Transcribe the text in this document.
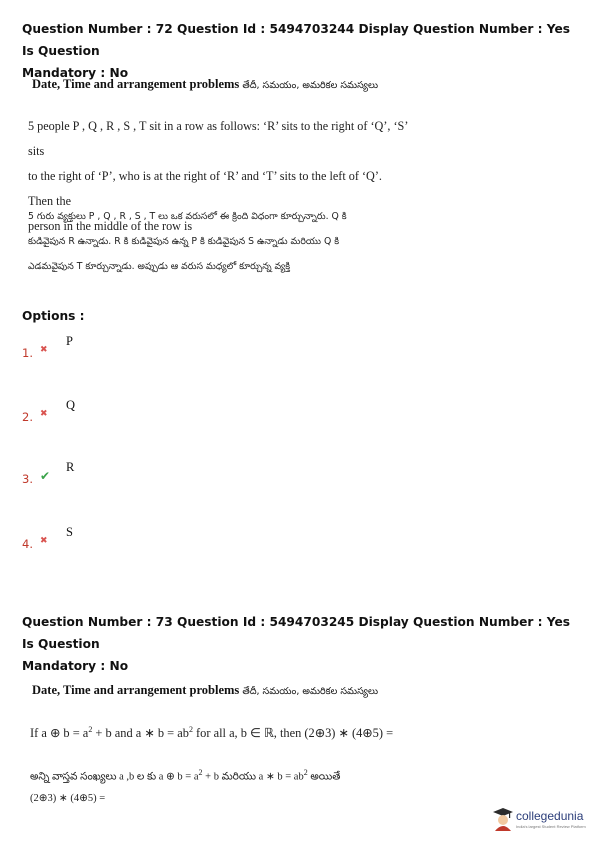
Question Number : 72 Question Id : 5494703244 Display Question Number : Yes Is Question
Mandatory : No
Date, Time and arrangement problems తేదీ, సమయం, అమరికల సమస్యలు
5 people P , Q , R , S , T sit in a row as follows: ‘R’ sits to the right of ‘Q’, ‘S’ sits
to the right of ‘P’, who is at the right of ‘R’ and ‘T’ sits to the left of ‘Q’. Then the
person in the middle of the row is
5 గురు వ్యక్తులు P , Q , R , S , T లు ఒక వరుసలో ఈ క్రింది విధంగా కూర్చున్నారు. Q కి
కుడివైపున R ఉన్నాడు. R కి కుడివైపున ఉన్న P కి కుడివైపున S ఉన్నాడు మరియు Q కి
ఎడమవైపున T కూర్చున్నాడు. అప్పుడు ఆ వరుస మధ్యలో కూర్చున్న వ్యక్తి
Options :
1. ✖
P
2. ✖
Q
3. ✔
R
4. ✖
S
Question Number : 73 Question Id : 5494703245 Display Question Number : Yes Is Question
Mandatory : No
Date, Time and arrangement problems తేదీ, సమయం, అమరికల సమస్యలు
If a ⊕ $b = a^2 + b$ and a ∗ $b = ab^2$ for all a, b ∈ ℝ, then (2⊕3) ∗ (4⊕5) =
అన్ని వాస్తవ సంఖ్యలు a ,b ల కు a ⊕ $b = a^2 + b$ మరియు a ∗ $b = ab^2$ అయితే
(2⊕3) ∗ (4⊕5) =
collegedunia
India's largest Student Review Platform
